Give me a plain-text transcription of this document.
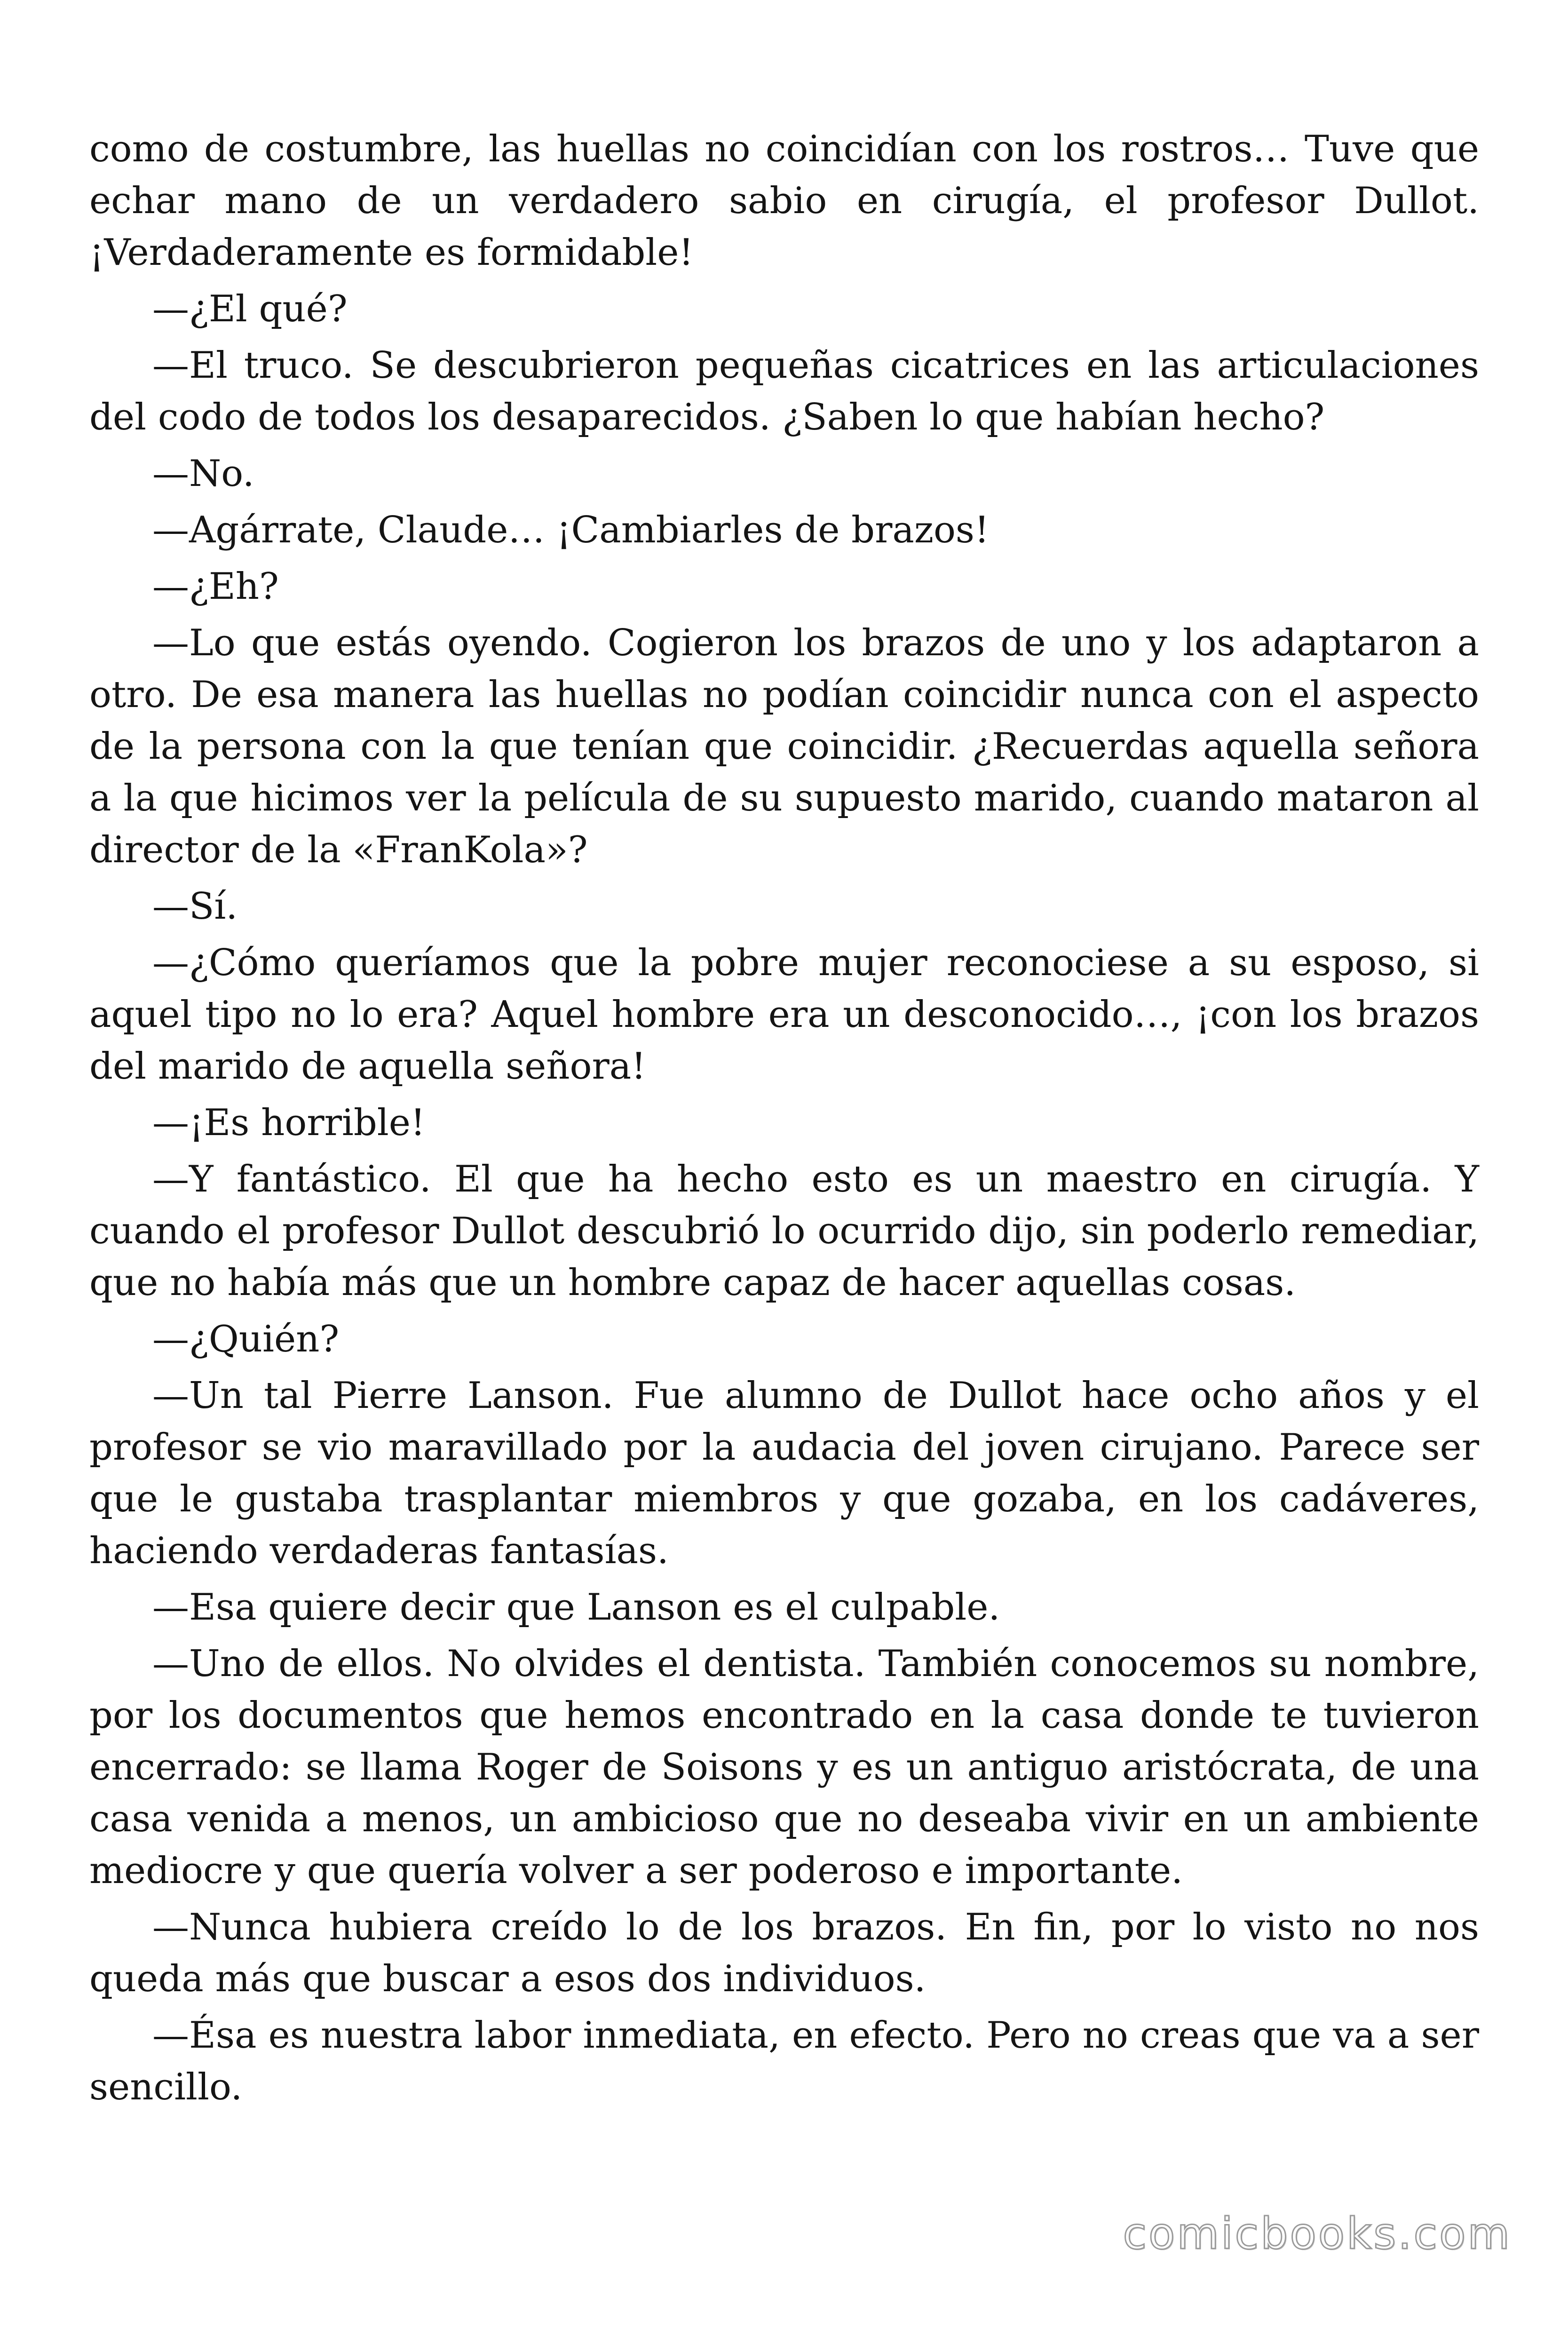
como de costumbre, las huellas no coincidían con los rostros… Tuve que echar mano de un verdadero sabio en cirugía, el profesor Dullot. ¡Verdaderamente es formidable!

—¿El qué?

—El truco. Se descubrieron pequeñas cicatrices en las articulaciones del codo de todos los desaparecidos. ¿Saben lo que habían hecho?

—No.

—Agárrate, Claude… ¡Cambiarles de brazos!

—¿Eh?

—Lo que estás oyendo. Cogieron los brazos de uno y los adaptaron a otro. De esa manera las huellas no podían coincidir nunca con el aspecto de la persona con la que tenían que coincidir. ¿Recuerdas aquella señora a la que hicimos ver la película de su supuesto marido, cuando mataron al director de la «FranKola»?

—Sí.

—¿Cómo queríamos que la pobre mujer reconociese a su esposo, si aquel tipo no lo era? Aquel hombre era un desconocido…, ¡con los brazos del marido de aquella señora!

—¡Es horrible!

—Y fantástico. El que ha hecho esto es un maestro en cirugía. Y cuando el profesor Dullot descubrió lo ocurrido dijo, sin poderlo remediar, que no había más que un hombre capaz de hacer aquellas cosas.

—¿Quién?

—Un tal Pierre Lanson. Fue alumno de Dullot hace ocho años y el profesor se vio maravillado por la audacia del joven cirujano. Parece ser que le gustaba trasplantar miembros y que gozaba, en los cadáveres, haciendo verdaderas fantasías.

—Esa quiere decir que Lanson es el culpable.

—Uno de ellos. No olvides el dentista. También conocemos su nombre, por los documentos que hemos encontrado en la casa donde te tuvieron encerrado: se llama Roger de Soisons y es un antiguo aristócrata, de una casa venida a menos, un ambicioso que no deseaba vivir en un ambiente mediocre y que quería volver a ser poderoso e importante.

—Nunca hubiera creído lo de los brazos. En fin, por lo visto no nos queda más que buscar a esos dos individuos.

—Ésa es nuestra labor inmediata, en efecto. Pero no creas que va a ser sencillo.

comicbooks.com
